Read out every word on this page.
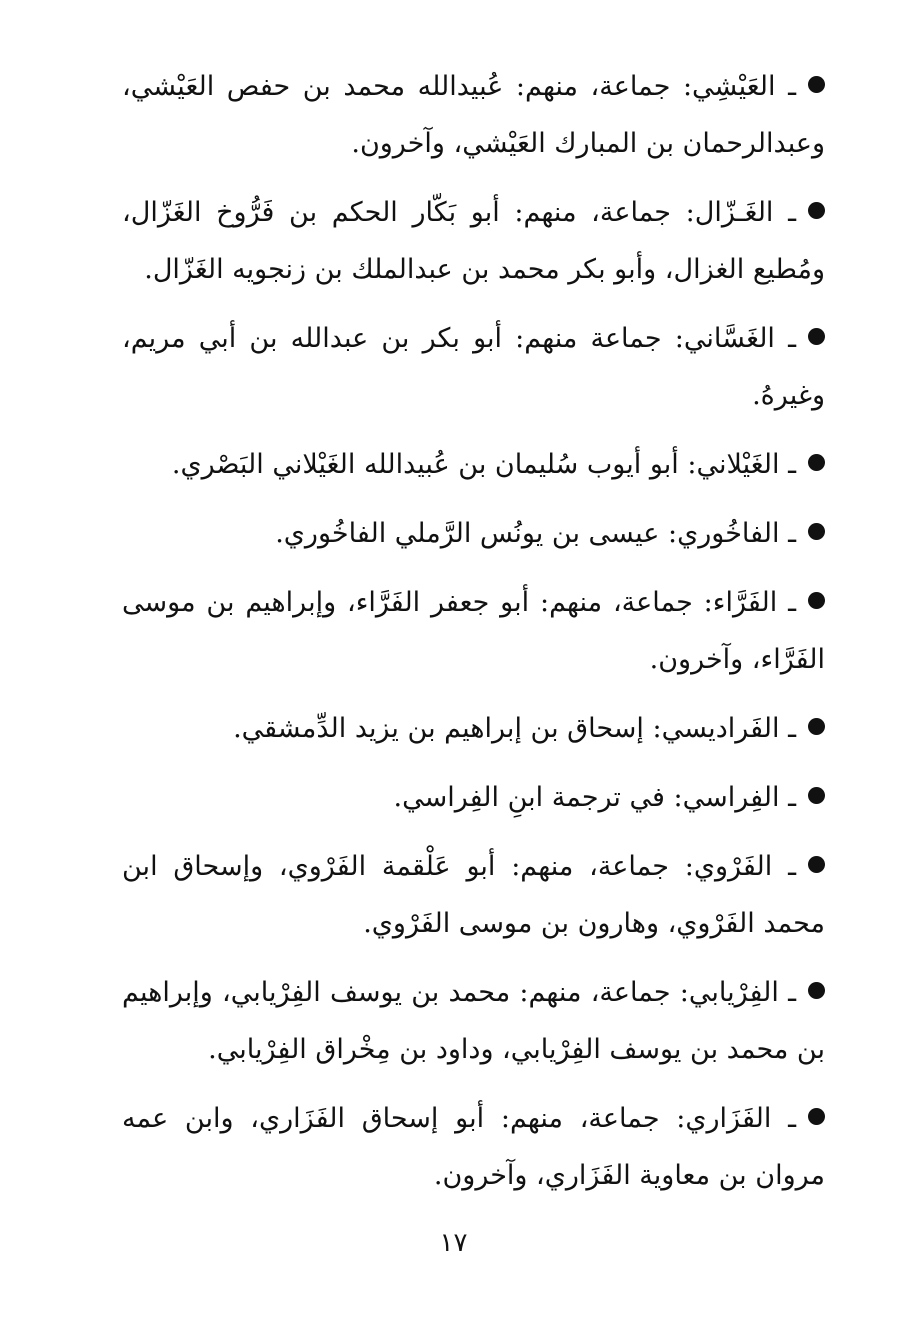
ـ العَيْشِي: جماعة، منهم: عُبيدالله محمد بن حفص العَيْشي، وعبدالرحمان بن المبارك العَيْشي، وآخرون.

ـ الغَـزّال: جماعة، منهم: أبو بَكّار الحكم بن فَرُّوخ الغَزّال، ومُطيع الغزال، وأبو بكر محمد بن عبدالملك بن زنجويه الغَزّال.

ـ الغَسَّاني: جماعة منهم: أبو بكر بن عبدالله بن أبي مريم، وغيرهُ.

ـ الغَيْلاني: أبو أيوب سُليمان بن عُبيدالله الغَيْلاني البَصْري.

ـ الفاخُوري: عيسى بن يونُس الرَّملي الفاخُوري.

ـ الفَرَّاء: جماعة، منهم: أبو جعفر الفَرَّاء، وإبراهيم بن موسى الفَرَّاء، وآخرون.

ـ الفَراديسي: إسحاق بن إبراهيم بن يزيد الدِّمشقي.

ـ الفِراسي: في ترجمة ابنِ الفِراسي.

ـ الفَرْوي: جماعة، منهم: أبو عَلْقمة الفَرْوي، وإسحاق ابن محمد الفَرْوي، وهارون بن موسى الفَرْوي.

ـ الفِرْيابي: جماعة، منهم: محمد بن يوسف الفِرْيابي، وإبراهيم بن محمد بن يوسف الفِرْيابي، وداود بن مِخْراق الفِرْيابي.

ـ الفَزَاري: جماعة، منهم: أبو إسحاق الفَزَاري، وابن عمه مروان بن معاوية الفَزَاري، وآخرون.

١٧
